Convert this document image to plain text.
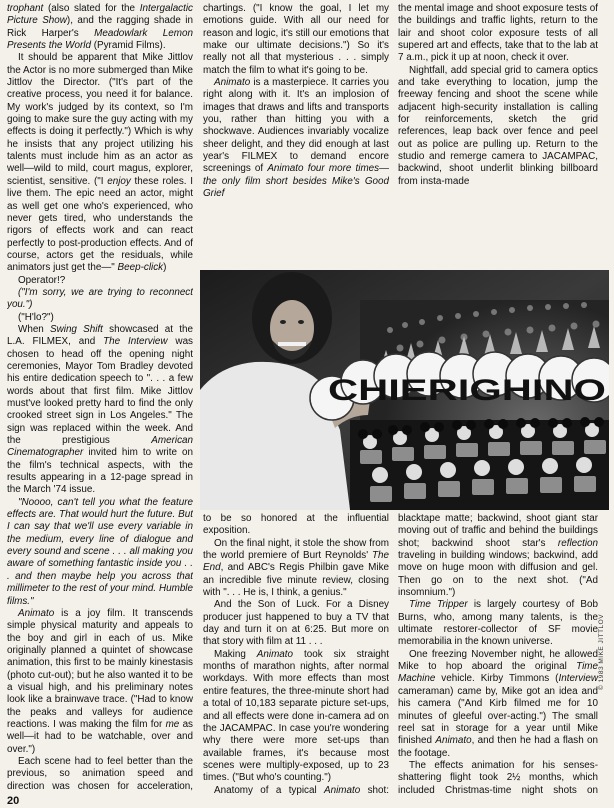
trophant (also slated for the Intergalactic Picture Show), and the ragging shade in Rick Harper's Meadowlark Lemon Presents the World (Pyramid Films).

It should be apparent that Mike Jittlov the Actor is no more submerged than Mike Jittlov the Director. ("It's part of the creative process, you need it for balance. My work's judged by its context, so I'm going to make sure the guy acting with my effects is doing it perfectly.") Which is why he insists that any project utilizing his talents must include him as an actor as well—wild to mild, court magus, explorer, scientist, sensitive. ("I enjoy these roles. I live them. The epic need an actor, might as well get one who's experienced, who never gets tired, who understands the rigors of effects work and can react perfectly to post-production effects. And of course, actors get the residuals, while animators just get the—" Beep-click)

Operator!?

("I'm sorry, we are trying to reconnect you.")

("H'lo?")

When Swing Shift showcased at the L.A. FILMEX, and The Interview was chosen to head off the opening night ceremonies, Mayor Tom Bradley devoted his entire dedication speech to ". . . a few words about that first film. Mike Jittlov must've looked pretty hard to find the only crooked street sign in Los Angeles." The sign was replaced within the week. And the prestigious American Cinematographer invited him to write on the film's technical aspects, with the results appearing in a 12-page spread in the March '74 issue.

"Noooo, can't tell you what the feature effects are. That would hurt the future. But I can say that we'll use every variable in the medium, every line of dialogue and every sound and scene . . . all making you aware of something fantastic inside you . . . and then maybe help you across that millimeter to the rest of your mind. Humble films."

Animato is a joy film. It transcends simple physical maturity and appeals to the boy and girl in each of us. Mike originally planned a quintet of showcase animation, this first to be mainly kinestasis (photo cut-out); but he also wanted it to be a visual high, and his preliminary notes look like a brainwave trace. ("Had to know the peaks and valleys for audience reactions. I was making the film for me as well—it had to be watchable, over and over.")

Each scene had to feel better than the previous, so animation speed and direction was chosen for acceleration,

chartings. ("I know the goal, I let my emotions guide. With all our need for reason and logic, it's still our emotions that make our ultimate decisions.") So it's really not all that mysterious . . . simply match the film to what it's going to be.

Animato is a masterpiece. It carries you right along with it. It's an implosion of images that draws and lifts and transports you, rather than hitting you with a shockwave. Audiences invariably vocalize sheer delight, and they did enough at last year's FILMEX to demand encore screenings of Animato four more times—the only film short besides Mike's Good Grief

the mental image and shoot exposure tests of the buildings and traffic lights, return to the lair and shoot color exposure tests of all supered art and effects, take that to the lab at 7 a.m., pick it up at noon, check it over.

Nightfall, add special grid to camera optics and take everything to location, jump the freeway fencing and shoot the scene while adjacent high-security installation is calling for reinforcements, sketch the grid references, leap back over fence and peel out as police are pulling up. Return to the studio and remerge camera to JACAMPAC, backwind, shoot underlit blinking billboard from insta-made

CHIERIGHINO
© 1983 MIKE JITTLOV

to be so honored at the influential exposition.

On the final night, it stole the show from the world premiere of Burt Reynolds' The End, and ABC's Regis Philbin gave Mike an incredible five minute review, closing with ". . . He is, I think, a genius."

And the Son of Luck. For a Disney producer just happened to buy a TV that day and turn it on at 6:25. But more on that story with film at 11 . . .

Making Animato took six straight months of marathon nights, after normal workdays. With more effects than most entire features, the three-minute short had a total of 10,183 separate picture set-ups, and all effects were done in-camera ad on the JACAMPAC. In case you're wondering why there were more set-ups than available frames, it's because most scenes were multiply-exposed, up to 23 times. ("But who's counting.")

Anatomy of a typical Animato shot:

blacktape matte; backwind, shoot giant star moving out of traffic and behind the buildings shot; backwind shoot star's reflection traveling in building windows; backwind, add move on huge moon with diffusion and gel. Then go on to the next shot. ("Ad insomnium.")

Time Tripper is largely courtesy of Bob Burns, who, among many talents, is the ultimate restorer-collector of SF movie memorabilia in the known universe.

One freezing November night, he allowed Mike to hop aboard the original Time Machine vehicle. Kirby Timmons (Interview cameraman) came by, Mike got an idea and his camera ("And Kirb filmed me for 10 minutes of gleeful over-acting.") The small reel sat in storage for a year until Mike finished Animato, and then he had a flash on the footage.

The effects animation for his senses-shattering flight took 2½ months, which included Christmas-time night shots on

20
